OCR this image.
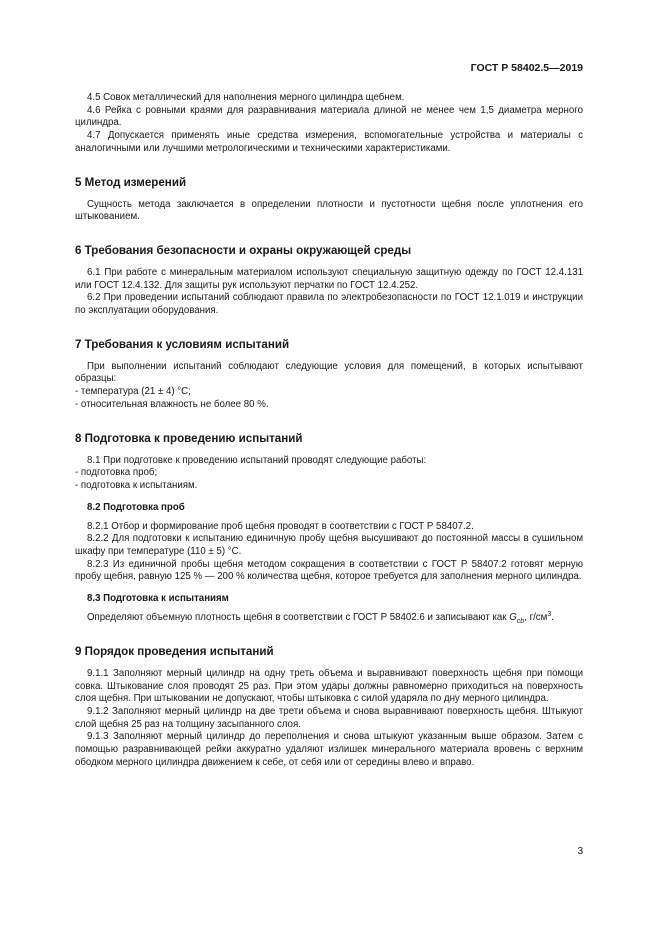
ГОСТ Р 58402.5—2019

4.5 Совок металлический для наполнения мерного цилиндра щебнем.

4.6 Рейка с ровными краями для разравнивания материала длиной не менее чем 1,5 диаметра мерного цилиндра.

4.7 Допускается применять иные средства измерения, вспомогательные устройства и материалы с аналогичными или лучшими метрологическими и техническими характеристиками.

5 Метод измерений

Сущность метода заключается в определении плотности и пустотности щебня после уплотнения его штыкованием.

6 Требования безопасности и охраны окружающей среды

6.1 При работе с минеральным материалом используют специальную защитную одежду по ГОСТ 12.4.131 или ГОСТ 12.4.132. Для защиты рук используют перчатки по ГОСТ 12.4.252.

6.2 При проведении испытаний соблюдают правила по электробезопасности по ГОСТ 12.1.019 и инструкции по эксплуатации оборудования.

7 Требования к условиям испытаний

При выполнении испытаний соблюдают следующие условия для помещений, в которых испытывают образцы:

- температура (21 ± 4) °С;

- относительная влажность не более 80 %.

8 Подготовка к проведению испытаний

8.1 При подготовке к проведению испытаний проводят следующие работы:

- подготовка проб;

- подготовка к испытаниям.

8.2 Подготовка проб

8.2.1 Отбор и формирование проб щебня проводят в соответствии с ГОСТ Р 58407.2.

8.2.2 Для подготовки к испытанию единичную пробу щебня высушивают до постоянной массы в сушильном шкафу при температуре (110 ± 5) °С.

8.2.3 Из единичной пробы щебня методом сокращения в соответствии с ГОСТ Р 58407.2 готовят мерную пробу щебня, равную 125 % — 200 % количества щебня, которое требуется для заполнения мерного цилиндра.

8.3 Подготовка к испытаниям

Определяют объемную плотность щебня в соответствии с ГОСТ Р 58402.6 и записывают как $G_{cb}$, $г/см^3$.

9 Порядок проведения испытаний

9.1.1 Заполняют мерный цилиндр на одну треть объема и выравнивают поверхность щебня при помощи совка. Штыкование слоя проводят 25 раз. При этом удары должны равномерно приходиться на поверхность слоя щебня. При штыковании не допускают, чтобы штыковка с силой ударяла по дну мерного цилиндра.

9.1.2 Заполняют мерный цилиндр на две трети объема и снова выравнивают поверхность щебня. Штыкуют слой щебня 25 раз на толщину засыпанного слоя.

9.1.3 Заполняют мерный цилиндр до переполнения и снова штыкуют указанным выше образом. Затем с помощью разравнивающей рейки аккуратно удаляют излишек минерального материала вровень с верхним ободком мерного цилиндра движением к себе, от себя или от середины влево и вправо.

3
